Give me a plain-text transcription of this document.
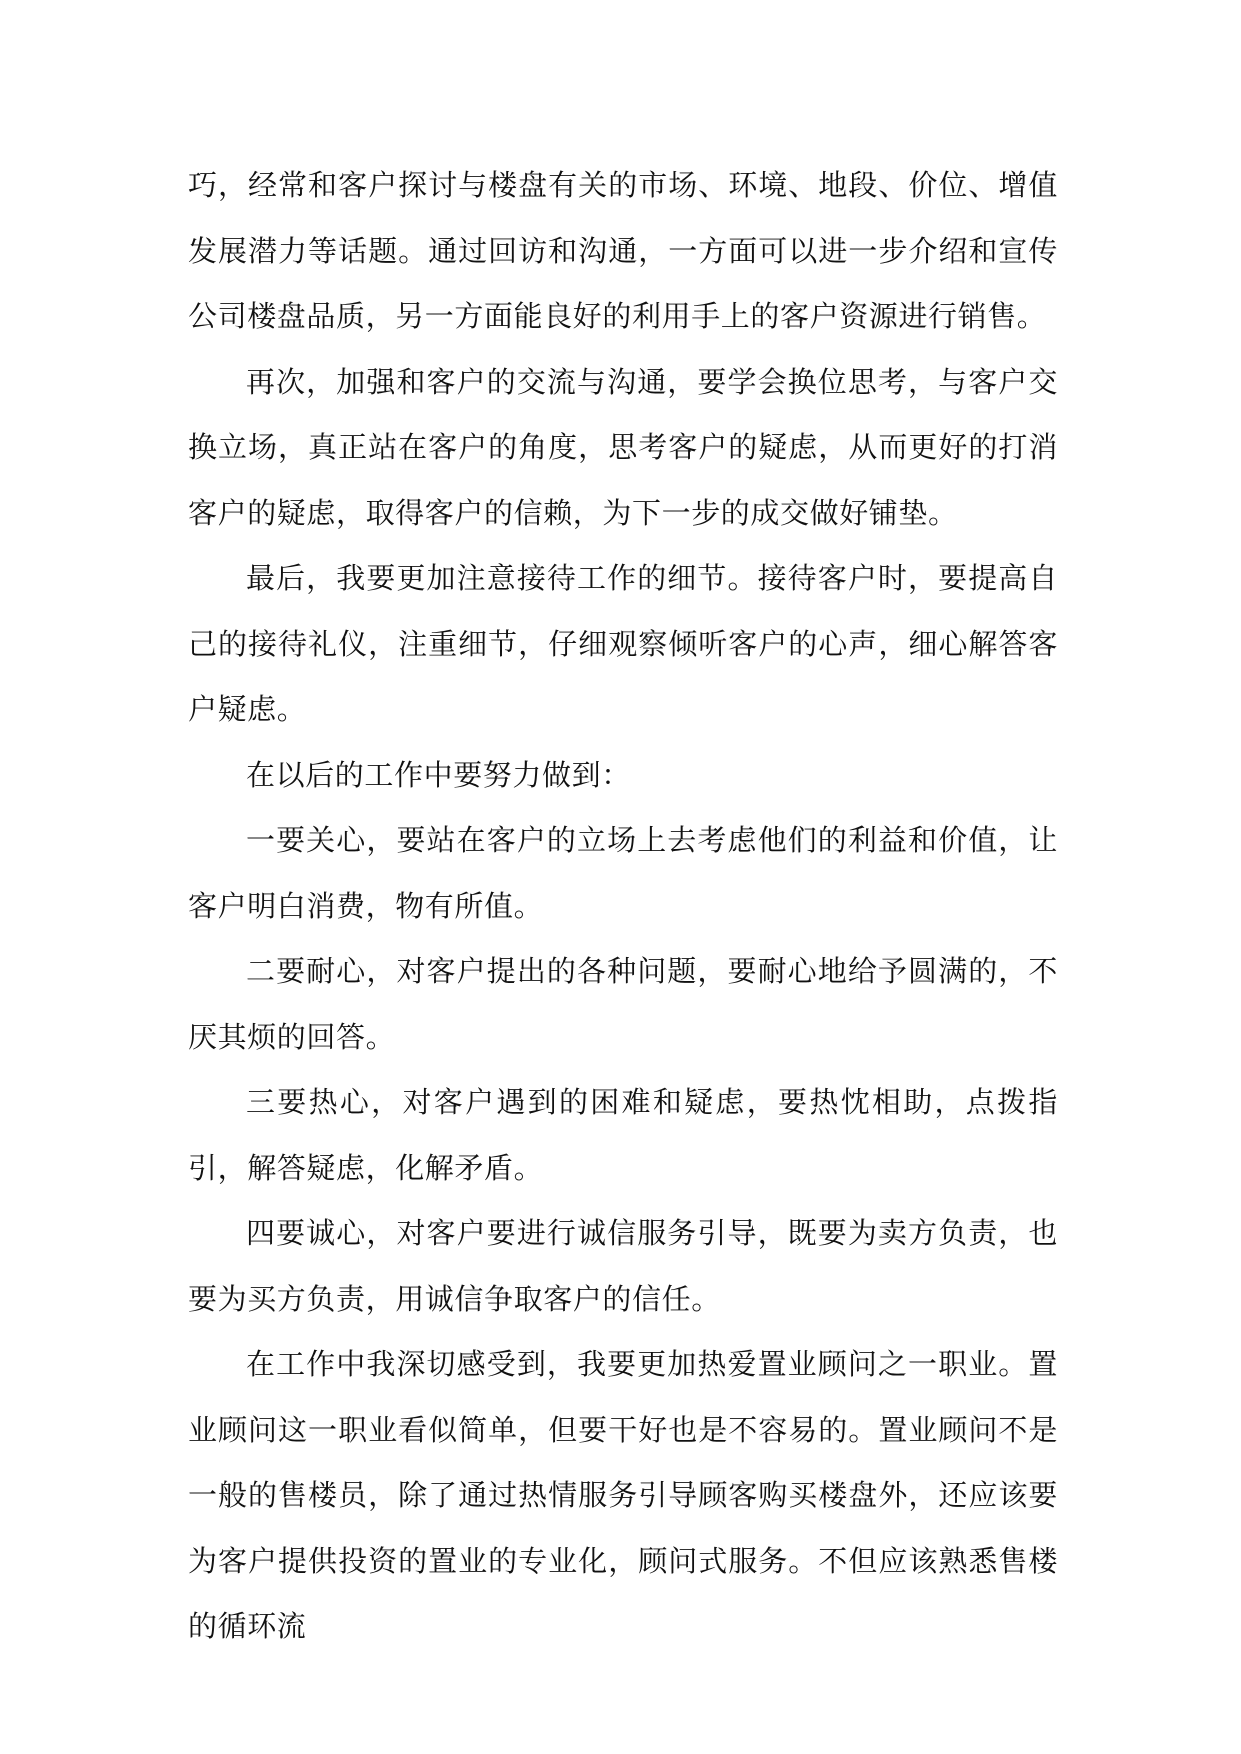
巧，经常和客户探讨与楼盘有关的市场、环境、地段、价位、增值发展潜力等话题。通过回访和沟通，一方面可以进一步介绍和宣传公司楼盘品质，另一方面能良好的利用手上的客户资源进行销售。

再次，加强和客户的交流与沟通，要学会换位思考，与客户交换立场，真正站在客户的角度，思考客户的疑虑，从而更好的打消客户的疑虑，取得客户的信赖，为下一步的成交做好铺垫。

最后，我要更加注意接待工作的细节。接待客户时，要提高自己的接待礼仪，注重细节，仔细观察倾听客户的心声，细心解答客户疑虑。

在以后的工作中要努力做到：

一要关心，要站在客户的立场上去考虑他们的利益和价值，让客户明白消费，物有所值。

二要耐心，对客户提出的各种问题，要耐心地给予圆满的，不厌其烦的回答。

三要热心，对客户遇到的困难和疑虑，要热忱相助，点拨指引，解答疑虑，化解矛盾。

四要诚心，对客户要进行诚信服务引导，既要为卖方负责，也要为买方负责，用诚信争取客户的信任。

在工作中我深切感受到，我要更加热爱置业顾问之一职业。置业顾问这一职业看似简单，但要干好也是不容易的。置业顾问不是一般的售楼员，除了通过热情服务引导顾客购买楼盘外，还应该要为客户提供投资的置业的专业化，顾问式服务。不但应该熟悉售楼的循环流
